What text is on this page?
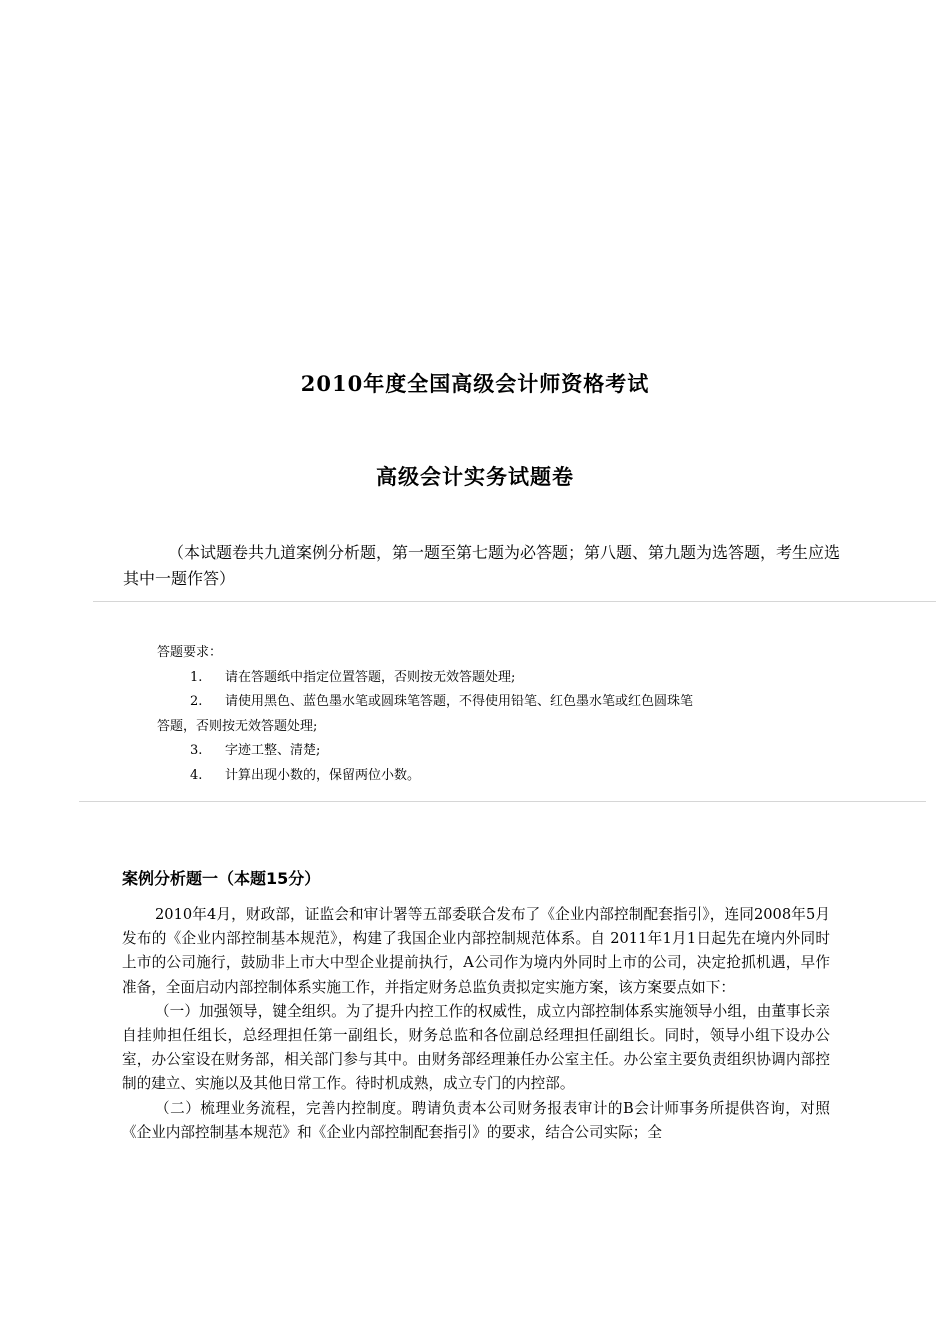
2010年度全国高级会计师资格考试
高级会计实务试题卷
（本试题卷共九道案例分析题，第一题至第七题为必答题；第八题、第九题为选答题，考生应选其中一题作答）

答题要求：

1. 请在答题纸中指定位置答题，否则按无效答题处理;

2. 请使用黑色、蓝色墨水笔或圆珠笔答题，不得使用铅笔、红色墨水笔或红色圆珠笔

答题，否则按无效答题处理;

3. 字迹工整、清楚;

4. 计算出现小数的，保留两位小数。

案例分析题一（本题15分）

2010年4月，财政部，证监会和审计署等五部委联合发布了《企业内部控制配套指引》，连同2008年5月发布的《企业内部控制基本规范》，构建了我国企业内部控制规范体系。自 2011年1月1日起先在境内外同时上市的公司施行，鼓励非上市大中型企业提前执行，A公司作为境内外同时上市的公司，决定抢抓机遇，早作准备，全面启动内部控制体系实施工作，并指定财务总监负责拟定实施方案，该方案要点如下：

（一）加强领导，键全组织。为了提升内控工作的权威性，成立内部控制体系实施领导小组，由董事长亲自挂帅担任组长，总经理担任第一副组长，财务总监和各位副总经理担任副组长。同时，领导小组下设办公室，办公室设在财务部，相关部门参与其中。由财务部经理兼任办公室主任。办公室主要负责组织协调内部控制的建立、实施以及其他日常工作。待时机成熟，成立专门的内控部。

（二）梳理业务流程，完善内控制度。聘请负责本公司财务报表审计的B会计师事务所提供咨询，对照《企业内部控制基本规范》和《企业内部控制配套指引》的要求，结合公司实际；全
